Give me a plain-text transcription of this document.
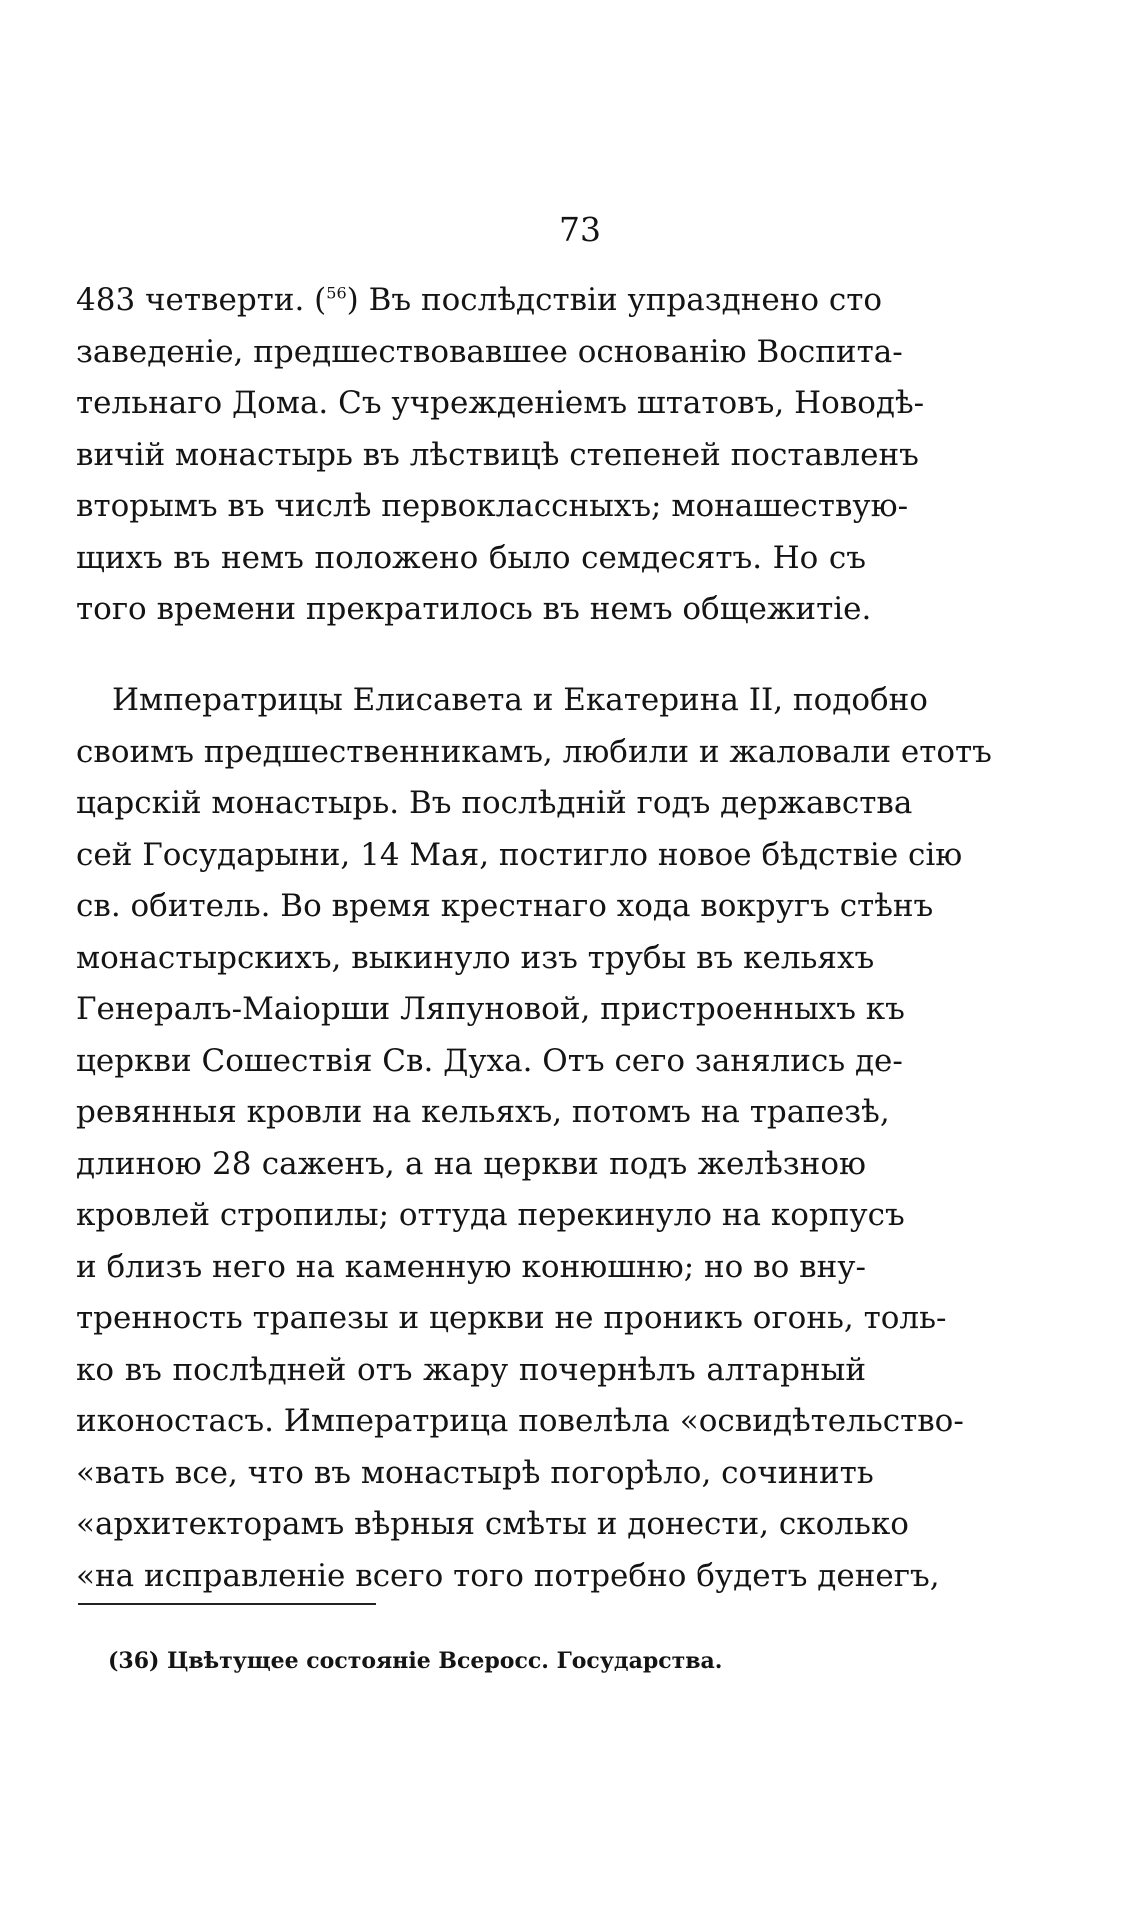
73
483 четверти. ($^{56}$) Въ послѣдствіи упразднено сто
заведеніе, предшествовавшее основанію Воспита-
тельнаго Дома. Съ учрежденіемъ штатовъ, Новодѣ-
вичій монастырь въ лѣствицѣ степеней поставленъ
вторымъ въ числѣ первоклассныхъ; монашествую-
щихъ въ немъ положено было семдесятъ. Но съ
того времени прекратилось въ немъ общежитіе.
Императрицы Елисавета и Екатерина II, подобно
своимъ предшественникамъ, любили и жаловали етотъ
царскій монастырь. Въ послѣдній годъ державства
сей Государыни, 14 Мая, постигло новое бѣдствіе сію
св. обитель. Во время крестнаго хода вокругъ стѣнъ
монастырскихъ, выкинуло изъ трубы въ кельяхъ
Генералъ-Маіорши Ляпуновой, пристроенныхъ къ
церкви Сошествія Св. Духа. Отъ сего занялись де-
ревянныя кровли на кельяхъ, потомъ на трапезѣ,
длиною 28 саженъ, а на церкви подъ желѣзною
кровлей стропилы; оттуда перекинуло на корпусъ
и близъ него на каменную конюшню; но во вну-
тренность трапезы и церкви не проникъ огонь, толь-
ко въ послѣдней отъ жару почернѣлъ алтарный
иконостасъ. Императрица повелѣла «освидѣтельство-
«вать все, что въ монастырѣ погорѣло, сочинить
«архитекторамъ вѣрныя смѣты и донести, сколько
«на исправленіе всего того потребно будетъ денегъ,
(36) Цвѣтущее состояніе Всеросс. Государства.
